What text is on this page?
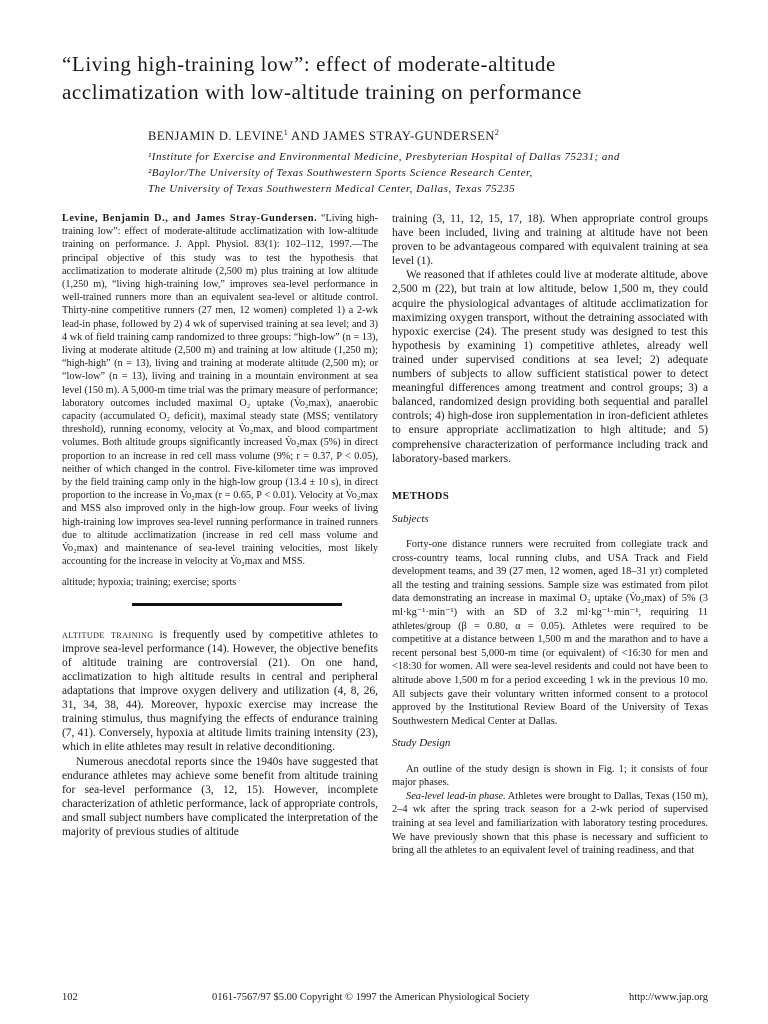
“Living high-training low”: effect of moderate-altitude
acclimatization with low-altitude training on performance
BENJAMIN D. LEVINE$^1$ AND JAMES STRAY-GUNDERSEN$^2$
¹Institute for Exercise and Environmental Medicine, Presbyterian Hospital of Dallas 75231; and
²Baylor/The University of Texas Southwestern Sports Science Research Center,
The University of Texas Southwestern Medical Center, Dallas, Texas 75235

Levine, Benjamin D., and James Stray-Gundersen. “Living high-training low”: effect of moderate-altitude acclimatization with low-altitude training on performance. J. Appl. Physiol. 83(1): 102–112, 1997.—The principal objective of this study was to test the hypothesis that acclimatization to moderate altitude (2,500 m) plus training at low altitude (1,250 m), “living high-training low,” improves sea-level performance in well-trained runners more than an equivalent sea-level or altitude control. Thirty-nine competitive runners (27 men, 12 women) completed 1) a 2-wk lead-in phase, followed by 2) 4 wk of supervised training at sea level; and 3) 4 wk of field training camp randomized to three groups: “high-low” (n = 13), living at moderate altitude (2,500 m) and training at low altitude (1,250 m); “high-high” (n = 13), living and training at moderate altitude (2,500 m); or “low-low” (n = 13), living and training in a mountain environment at sea level (150 m). A 5,000-m time trial was the primary measure of performance; laboratory outcomes included maximal O₂ uptake (V̇o₂max), anaerobic capacity (accumulated O₂ deficit), maximal steady state (MSS; ventilatory threshold), running economy, velocity at V̇o₂max, and blood compartment volumes. Both altitude groups significantly increased V̇o₂max (5%) in direct proportion to an increase in red cell mass volume (9%; r = 0.37, P < 0.05), neither of which changed in the control. Five-kilometer time was improved by the field training camp only in the high-low group (13.4 ± 10 s), in direct proportion to the increase in V̇o₂max (r = 0.65, P < 0.01). Velocity at V̇o₂max and MSS also improved only in the high-low group. Four weeks of living high-training low improves sea-level running performance in trained runners due to altitude acclimatization (increase in red cell mass volume and V̇o₂max) and maintenance of sea-level training velocities, most likely accounting for the increase in velocity at V̇o₂max and MSS.

altitude; hypoxia; training; exercise; sports

altitude training is frequently used by competitive athletes to improve sea-level performance (14). However, the objective benefits of altitude training are controversial (21). On one hand, acclimatization to high altitude results in central and peripheral adaptations that improve oxygen delivery and utilization (4, 8, 26, 31, 34, 38, 44). Moreover, hypoxic exercise may increase the training stimulus, thus magnifying the effects of endurance training (7, 41). Conversely, hypoxia at altitude limits training intensity (23), which in elite athletes may result in relative deconditioning.

Numerous anecdotal reports since the 1940s have suggested that endurance athletes may achieve some benefit from altitude training for sea-level performance (3, 12, 15). However, incomplete characterization of athletic performance, lack of appropriate controls, and small subject numbers have complicated the interpretation of the majority of previous studies of altitude

training (3, 11, 12, 15, 17, 18). When appropriate control groups have been included, living and training at altitude have not been proven to be advantageous compared with equivalent training at sea level (1).

We reasoned that if athletes could live at moderate altitude, above 2,500 m (22), but train at low altitude, below 1,500 m, they could acquire the physiological advantages of altitude acclimatization for maximizing oxygen transport, without the detraining associated with hypoxic exercise (24). The present study was designed to test this hypothesis by examining 1) competitive athletes, already well trained under supervised conditions at sea level; 2) adequate numbers of subjects to allow sufficient statistical power to detect meaningful differences among treatment and control groups; 3) a balanced, randomized design providing both sequential and parallel controls; 4) high-dose iron supplementation in iron-deficient athletes to ensure appropriate acclimatization to high altitude; and 5) comprehensive characterization of performance including track and laboratory-based markers.

METHODS

Subjects

Forty-one distance runners were recruited from collegiate track and cross-country teams, local running clubs, and USA Track and Field development teams, and 39 (27 men, 12 women, aged 18–31 yr) completed all the testing and training sessions. Sample size was estimated from pilot data demonstrating an increase in maximal O₂ uptake (V̇o₂max) of 5% (3 ml·kg⁻¹·min⁻¹) with an SD of 3.2 ml·kg⁻¹·min⁻¹, requiring 11 athletes/group (β = 0.80, α = 0.05). Athletes were required to be competitive at a distance between 1,500 m and the marathon and to have a recent personal best 5,000-m time (or equivalent) of <16:30 for men and <18:30 for women. All were sea-level residents and could not have been to altitude above 1,500 m for a period exceeding 1 wk in the previous 10 mo. All subjects gave their voluntary written informed consent to a protocol approved by the Institutional Review Board of the University of Texas Southwestern Medical Center at Dallas.

Study Design

An outline of the study design is shown in Fig. 1; it consists of four major phases.

Sea-level lead-in phase. Athletes were brought to Dallas, Texas (150 m), 2–4 wk after the spring track season for a 2-wk period of supervised training at sea level and familiarization with laboratory testing procedures. We have previously shown that this phase is necessary and sufficient to bring all the athletes to an equivalent level of training readiness, and that

102	0161-7567/97 $5.00 Copyright © 1997 the American Physiological Society	http://www.jap.org
